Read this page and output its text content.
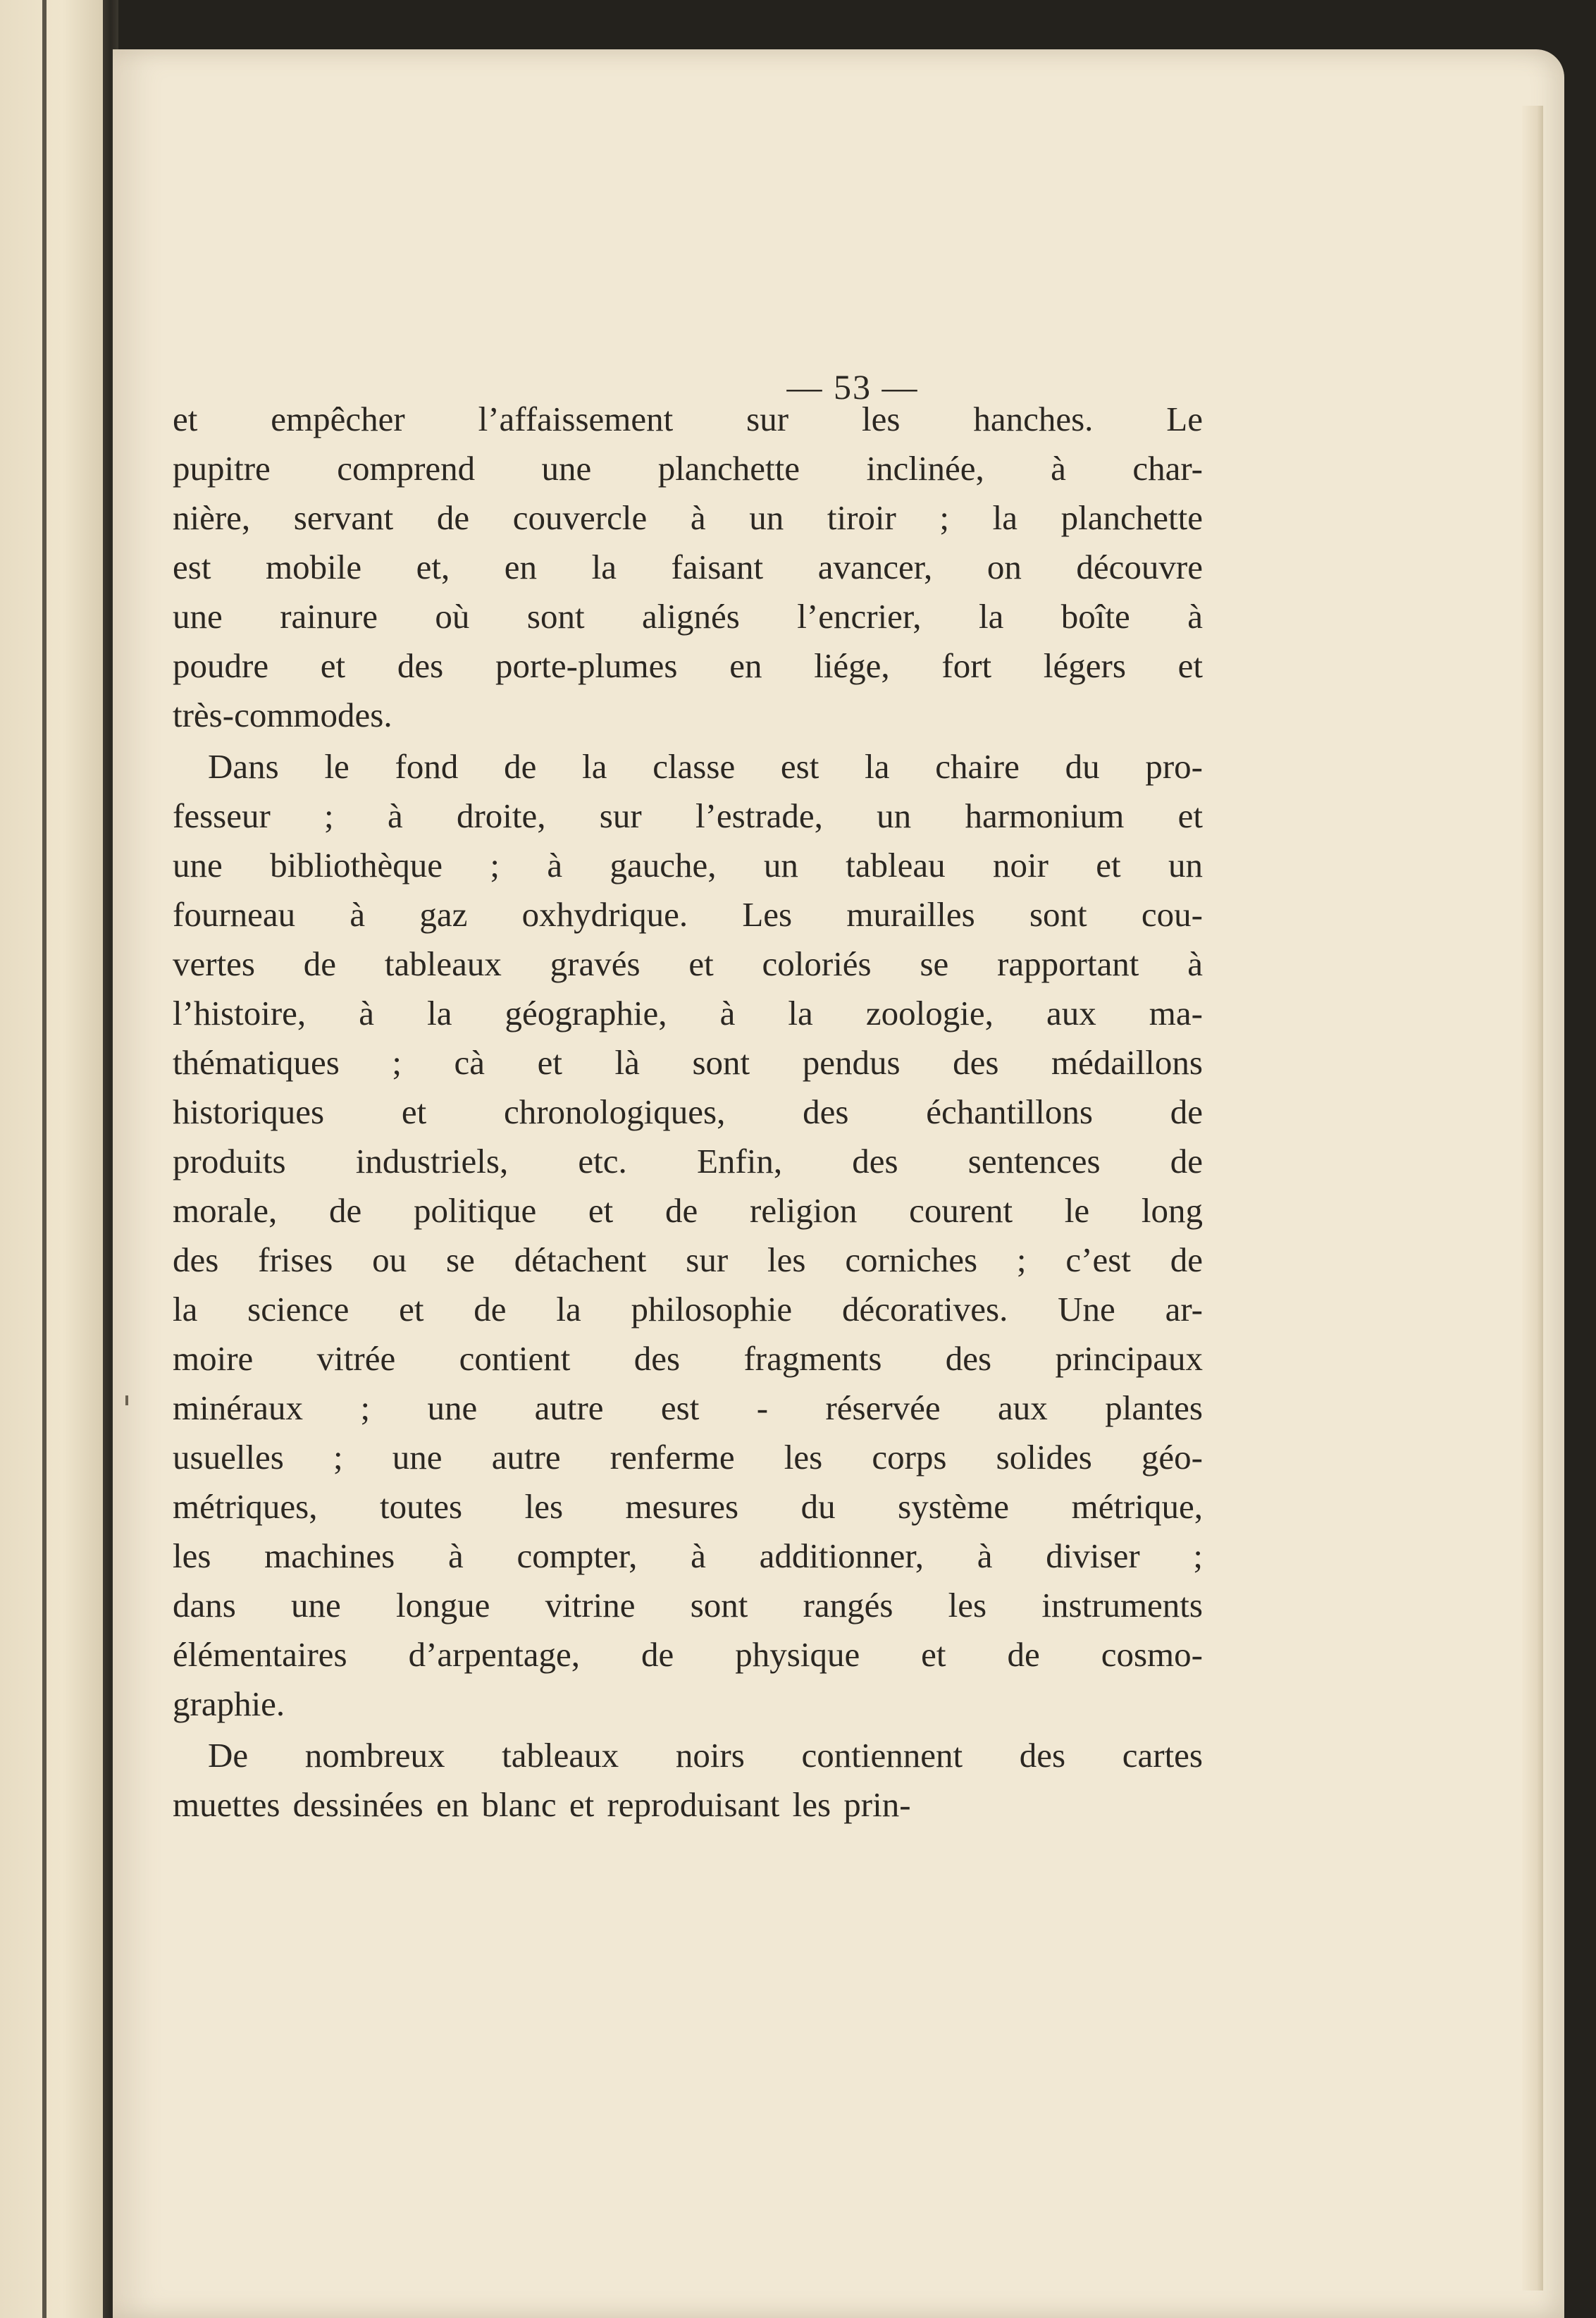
— 53 —
et empêcher l’affaissement sur les hanches. Le
pupitre comprend une planchette inclinée, à char-
nière, servant de couvercle à un tiroir ; la planchette
est mobile et, en la faisant avancer, on découvre
une rainure où sont alignés l’encrier, la boîte à
poudre et des porte-plumes en liége, fort légers et
très-commodes.
Dans le fond de la classe est la chaire du pro-
fesseur ; à droite, sur l’estrade, un harmonium et
une bibliothèque ; à gauche, un tableau noir et un
fourneau à gaz oxhydrique. Les murailles sont cou-
vertes de tableaux gravés et coloriés se rapportant à
l’histoire, à la géographie, à la zoologie, aux ma-
thématiques ; cà et là sont pendus des médaillons
historiques et chronologiques, des échantillons de
produits industriels, etc. Enfin, des sentences de
morale, de politique et de religion courent le long
des frises ou se détachent sur les corniches ; c’est de
la science et de la philosophie décoratives. Une ar-
moire vitrée contient des fragments des principaux
minéraux ; une autre est - réservée aux plantes
usuelles ; une autre renferme les corps solides géo-
métriques, toutes les mesures du système métrique,
les machines à compter, à additionner, à diviser ;
dans une longue vitrine sont rangés les instruments
élémentaires d’arpentage, de physique et de cosmo-
graphie.
De nombreux tableaux noirs contiennent des cartes
muettes dessinées en blanc et reproduisant les prin-
